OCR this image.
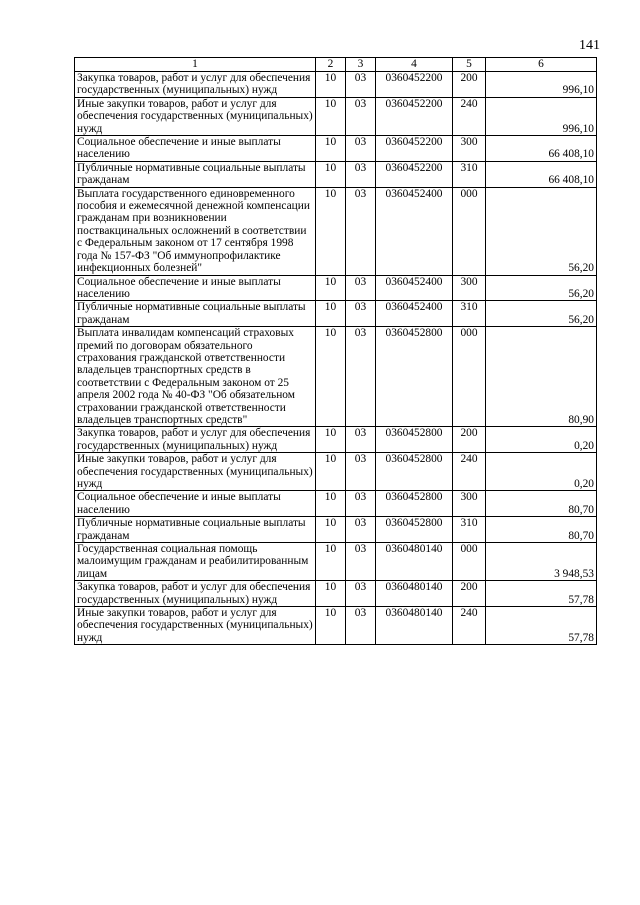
141
1	2	3	4	5	6
Закупка товаров, работ и услуг для обеспечения государственных (муниципальных) нужд	10	03	0360452200	200	996,10
Иные закупки товаров, работ и услуг для обеспечения государственных (муниципальных) нужд	10	03	0360452200	240	996,10
Социальное обеспечение и иные выплаты населению	10	03	0360452200	300	66 408,10
Публичные нормативные социальные выплаты гражданам	10	03	0360452200	310	66 408,10
Выплата государственного единовременного пособия и ежемесячной денежной компенсации гражданам при возникновении поствакцинальных осложнений в соответствии с Федеральным законом от 17 сентября 1998 года № 157-ФЗ "Об иммунопрофилактике инфекционных болезней"	10	03	0360452400	000	56,20
Социальное обеспечение и иные выплаты населению	10	03	0360452400	300	56,20
Публичные нормативные социальные выплаты гражданам	10	03	0360452400	310	56,20
Выплата инвалидам компенсаций страховых премий по договорам обязательного страхования гражданской ответственности владельцев транспортных средств в соответствии с Федеральным законом от 25 апреля 2002 года № 40-ФЗ "Об обязательном страховании гражданской ответственности владельцев транспортных средств"	10	03	0360452800	000	80,90
Закупка товаров, работ и услуг для обеспечения государственных (муниципальных) нужд	10	03	0360452800	200	0,20
Иные закупки товаров, работ и услуг для обеспечения государственных (муниципальных) нужд	10	03	0360452800	240	0,20
Социальное обеспечение и иные выплаты населению	10	03	0360452800	300	80,70
Публичные нормативные социальные выплаты гражданам	10	03	0360452800	310	80,70
Государственная социальная помощь малоимущим гражданам и реабилитированным лицам	10	03	0360480140	000	3 948,53
Закупка товаров, работ и услуг для обеспечения государственных (муниципальных) нужд	10	03	0360480140	200	57,78
Иные закупки товаров, работ и услуг для обеспечения государственных (муниципальных) нужд	10	03	0360480140	240	57,78
